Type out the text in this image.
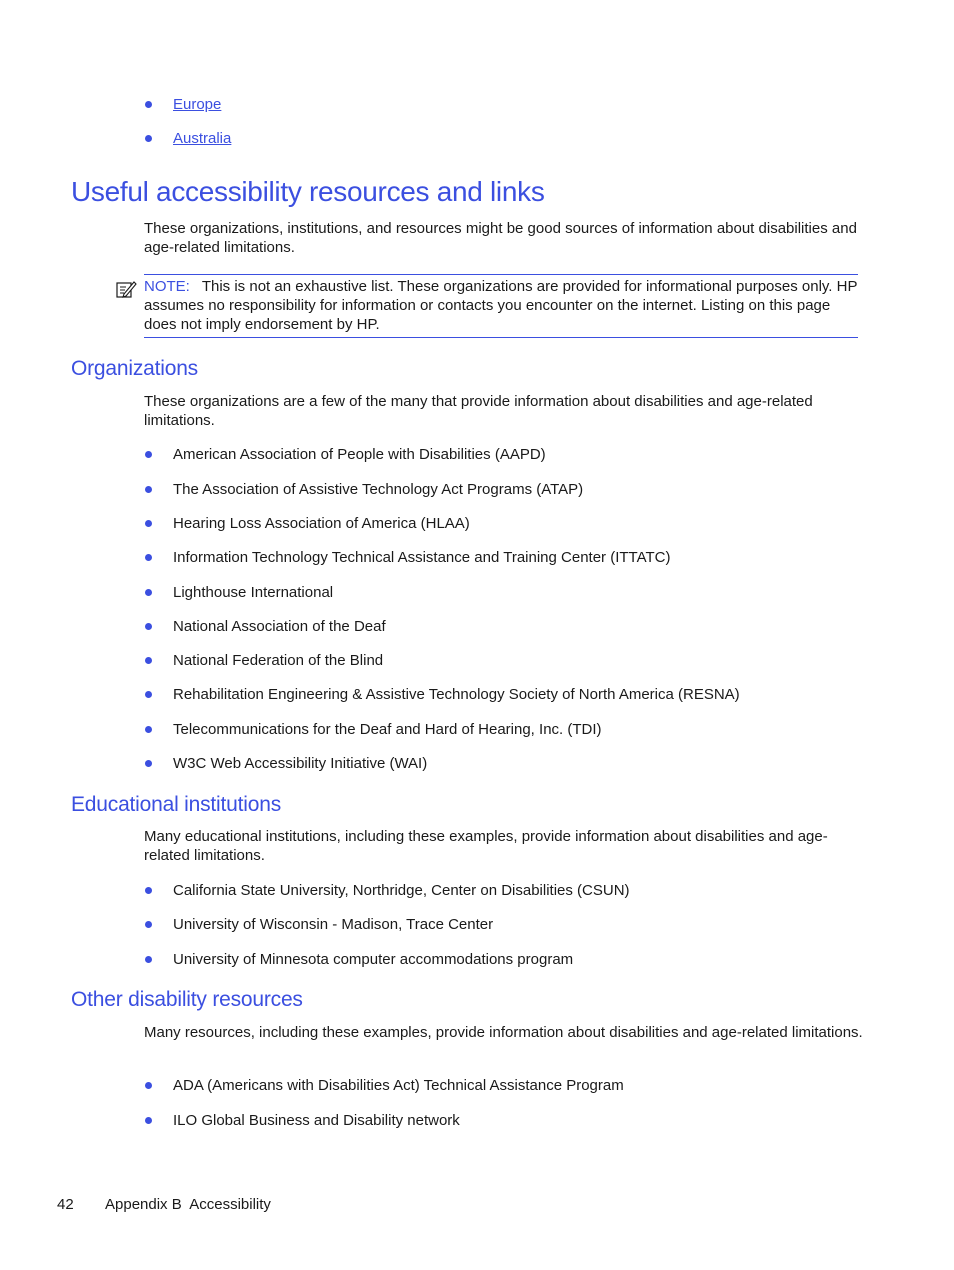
Europe
Australia
Useful accessibility resources and links

These organizations, institutions, and resources might be good sources of information about disabilities and age-related limitations.

NOTE: This is not an exhaustive list. These organizations are provided for informational purposes only. HP assumes no responsibility for information or contacts you encounter on the internet. Listing on this page does not imply endorsement by HP.
Organizations

These organizations are a few of the many that provide information about disabilities and age-related limitations.

American Association of People with Disabilities (AAPD)
The Association of Assistive Technology Act Programs (ATAP)
Hearing Loss Association of America (HLAA)
Information Technology Technical Assistance and Training Center (ITTATC)
Lighthouse International
National Association of the Deaf
National Federation of the Blind
Rehabilitation Engineering & Assistive Technology Society of North America (RESNA)
Telecommunications for the Deaf and Hard of Hearing, Inc. (TDI)
W3C Web Accessibility Initiative (WAI)
Educational institutions

Many educational institutions, including these examples, provide information about disabilities and age-related limitations.

California State University, Northridge, Center on Disabilities (CSUN)
University of Wisconsin - Madison, Trace Center
University of Minnesota computer accommodations program
Other disability resources

Many resources, including these examples, provide information about disabilities and age-related limitations.

ADA (Americans with Disabilities Act) Technical Assistance Program
ILO Global Business and Disability network
42 Appendix B  Accessibility
